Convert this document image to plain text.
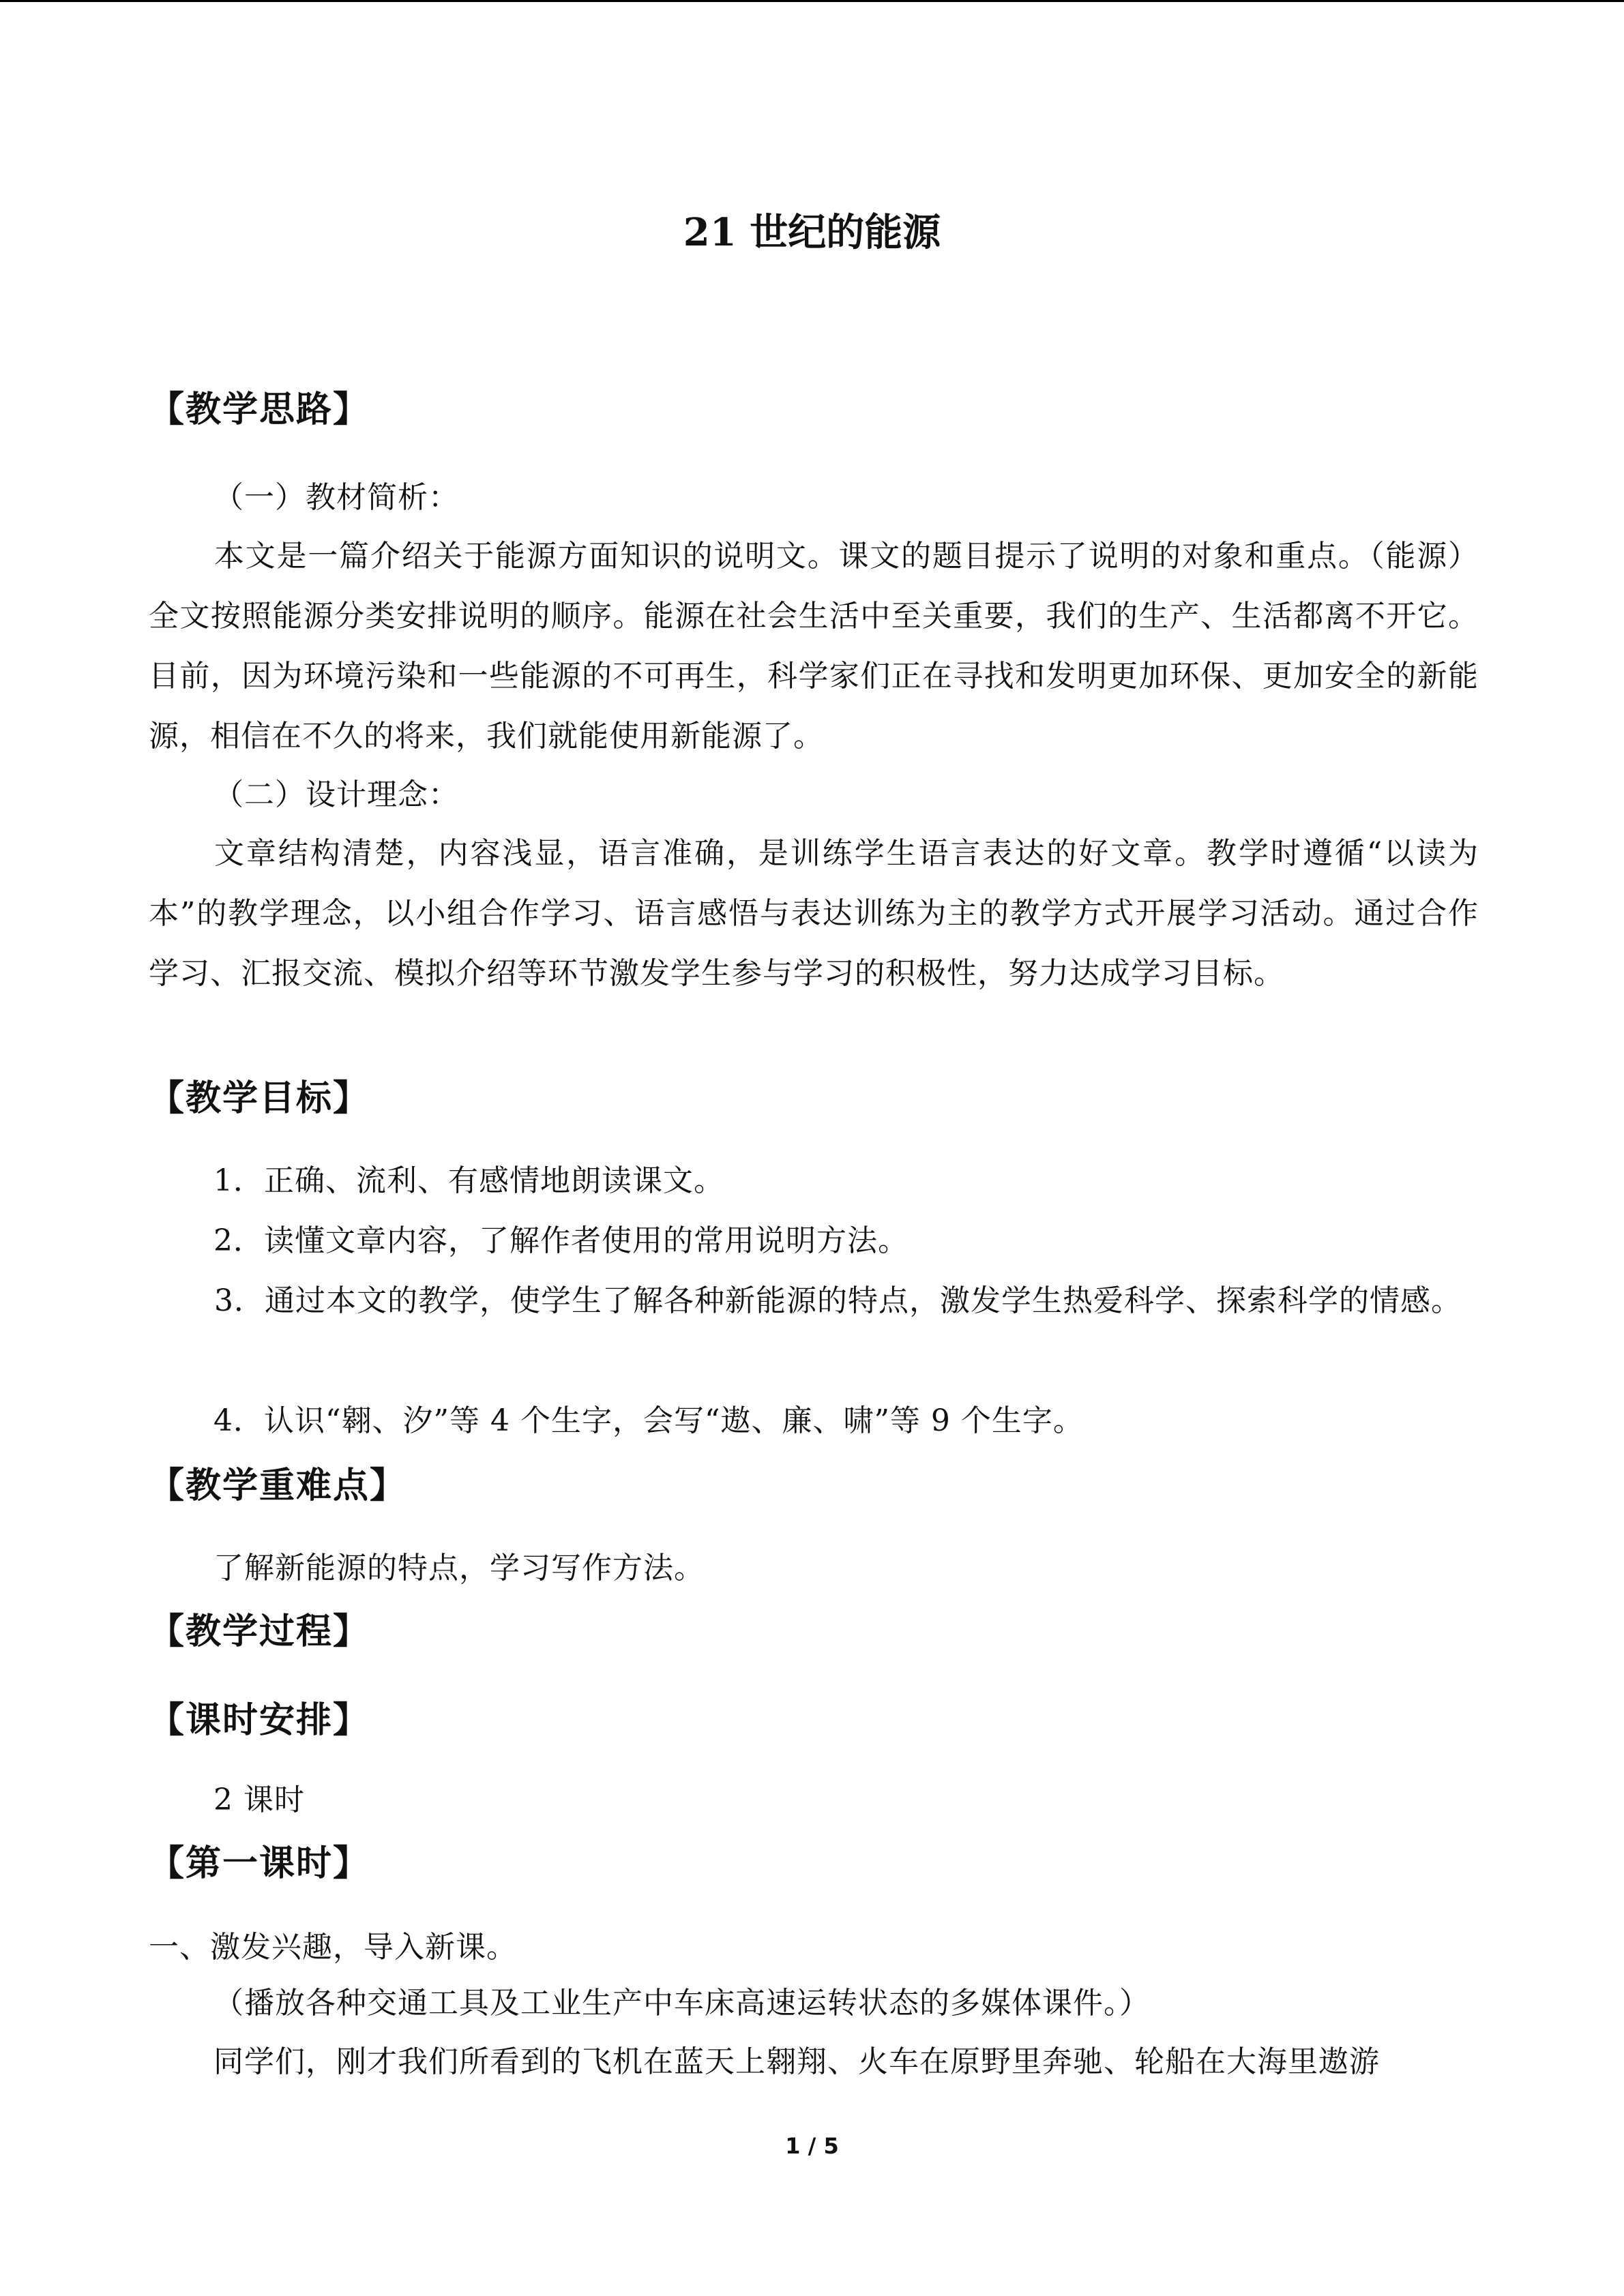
21 世纪的能源
【教学思路】
（一）教材简析：
本文是一篇介绍关于能源方面知识的说明文。课文的题目提示了说明的对象和重点。（能源）全文按照能源分类安排说明的顺序。能源在社会生活中至关重要，我们的生产、生活都离不开它。目前，因为环境污染和一些能源的不可再生，科学家们正在寻找和发明更加环保、更加安全的新能源，相信在不久的将来，我们就能使用新能源了。
（二）设计理念：
文章结构清楚，内容浅显，语言准确，是训练学生语言表达的好文章。教学时遵循“以读为本”的教学理念，以小组合作学习、语言感悟与表达训练为主的教学方式开展学习活动。通过合作学习、汇报交流、模拟介绍等环节激发学生参与学习的积极性，努力达成学习目标。
【教学目标】
1．正确、流利、有感情地朗读课文。
2．读懂文章内容，了解作者使用的常用说明方法。
3．通过本文的教学，使学生了解各种新能源的特点，激发学生热爱科学、探索科学的情感。
4．认识“翱、汐”等 4 个生字，会写“遨、廉、啸”等 9 个生字。
【教学重难点】
了解新能源的特点，学习写作方法。
【教学过程】
【课时安排】
2 课时
【第一课时】
一、激发兴趣，导入新课。
（播放各种交通工具及工业生产中车床高速运转状态的多媒体课件。）
同学们，刚才我们所看到的飞机在蓝天上翱翔、火车在原野里奔驰、轮船在大海里遨游
1 / 5
